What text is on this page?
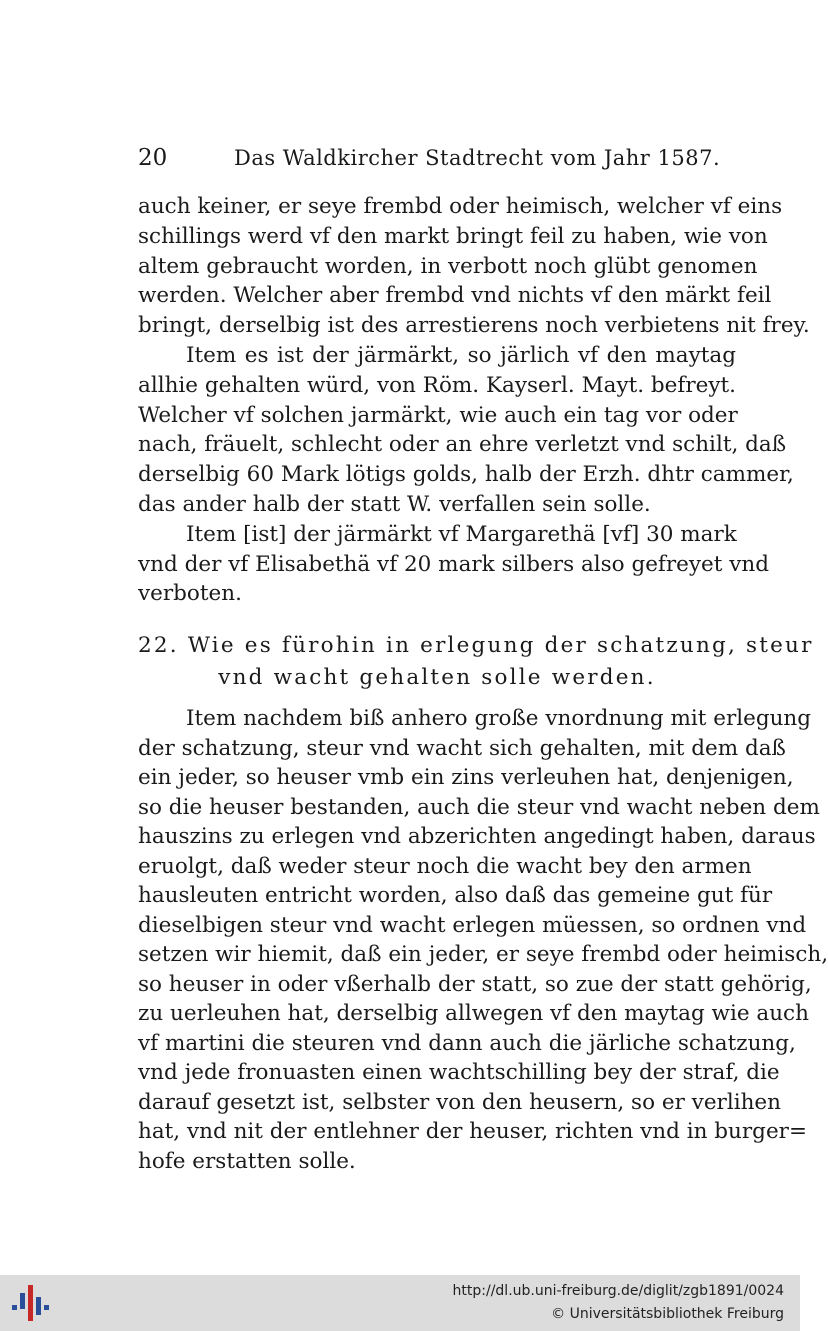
20	Das Waldkircher Stadtrecht vom Jahr 1587.
auch keiner, er seye frembd oder heimisch, welcher vf eins
schillings werd vf den markt bringt feil zu haben, wie von
altem gebraucht worden, in verbott noch glübt genomen
werden. Welcher aber frembd vnd nichts vf den märkt feil
bringt, derselbig ist des arrestierens noch verbietens nit frey.
Item es ist der järmärkt, so järlich vf den maytag
allhie gehalten würd, von Röm. Kayserl. Mayt. befreyt.
Welcher vf solchen jarmärkt, wie auch ein tag vor oder
nach, fräuelt, schlecht oder an ehre verletzt vnd schilt, daß
derselbig 60 Mark lötigs golds, halb der Erzh. dhtr cammer,
das ander halb der statt W. verfallen sein solle.
Item [ist] der järmärkt vf Margarethä [vf] 30 mark
vnd der vf Elisabethä vf 20 mark silbers also gefreyet vnd
verboten.
22. Wie es fürohin in erlegung der schatzung, steur
vnd wacht gehalten solle werden.
Item nachdem biß anhero große vnordnung mit erlegung
der schatzung, steur vnd wacht sich gehalten, mit dem daß
ein jeder, so heuser vmb ein zins verleuhen hat, denjenigen,
so die heuser bestanden, auch die steur vnd wacht neben dem
hauszins zu erlegen vnd abzerichten angedingt haben, daraus
eruolgt, daß weder steur noch die wacht bey den armen
hausleuten entricht worden, also daß das gemeine gut für
dieselbigen steur vnd wacht erlegen müessen, so ordnen vnd
setzen wir hiemit, daß ein jeder, er seye frembd oder heimisch,
so heuser in oder vßerhalb der statt, so zue der statt gehörig,
zu uerleuhen hat, derselbig allwegen vf den maytag wie auch
vf martini die steuren vnd dann auch die järliche schatzung,
vnd jede fronuasten einen wachtschilling bey der straf, die
darauf gesetzt ist, selbster von den heusern, so er verlihen
hat, vnd nit der entlehner der heuser, richten vnd in burger=
hofe erstatten solle.
http://dl.ub.uni-freiburg.de/diglit/zgb1891/0024
© Universitätsbibliothek Freiburg
